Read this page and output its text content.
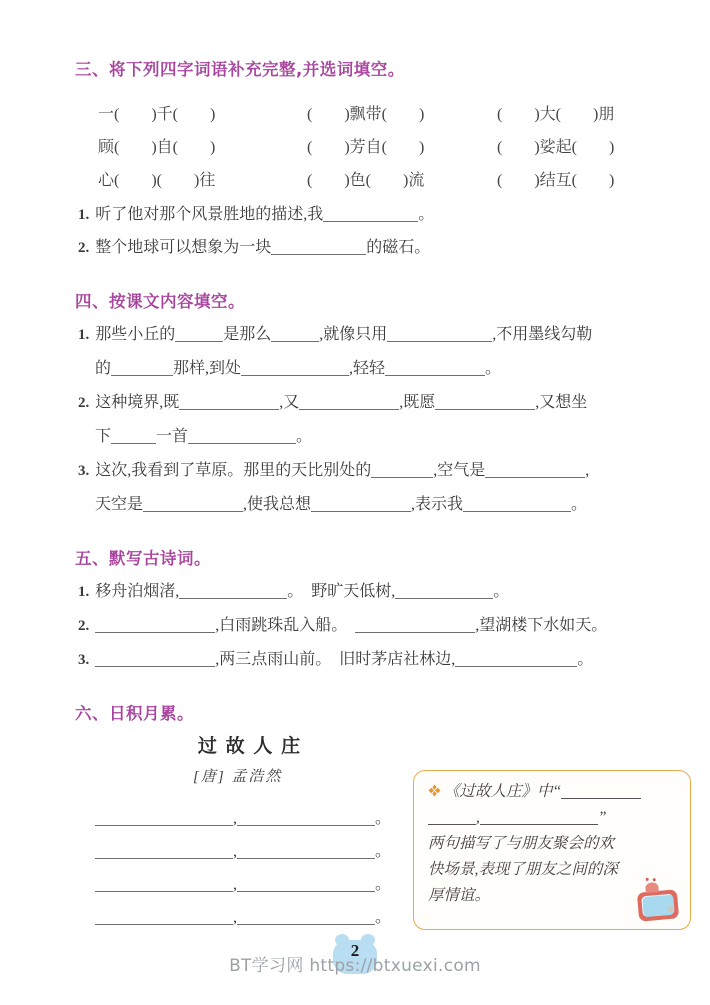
三、将下列四字词语补充完整,并选词填空。
一(　　)千(　　)	(　　)飘带(　　)	(　　)大(　　)朋
顾(　　)自(　　)	(　　)芳自(　　)	(　　)娑起(　　)
心(　　)(　　)往	(　　)色(　　)流	(　　)结互(　　)
1. 听了他对那个风景胜地的描述,我	。
2. 整个地球可以想象为一块	的磁石。
四、按课文内容填空。
1. 那些小丘的	是那么	,就像只用	,不用墨线勾勒
的	那样,到处	,轻轻	。
2. 这种境界,既	,又	,既愿	,又想坐
下	一首	。
3. 这次,我看到了草原。那里的天比别处的	,空气是	,
天空是	,使我总想	,表示我	。
五、默写古诗词。
1. 移舟泊烟渚,	。　野旷天低树,	。
2.	,白雨跳珠乱入船。　	,望湖楼下水如天。
3.	,两三点雨山前。　旧时茅店社林边,	。
六、日积月累。
过 故 人 庄
[唐] 孟浩然
,	。
,	。
,	。
,	。
《过故人庄》中“
,	”
两句描写了与朋友聚会的欢
快场景,表现了朋友之间的深
厚情谊。
BT学习网 https://btxuexi.com
2
